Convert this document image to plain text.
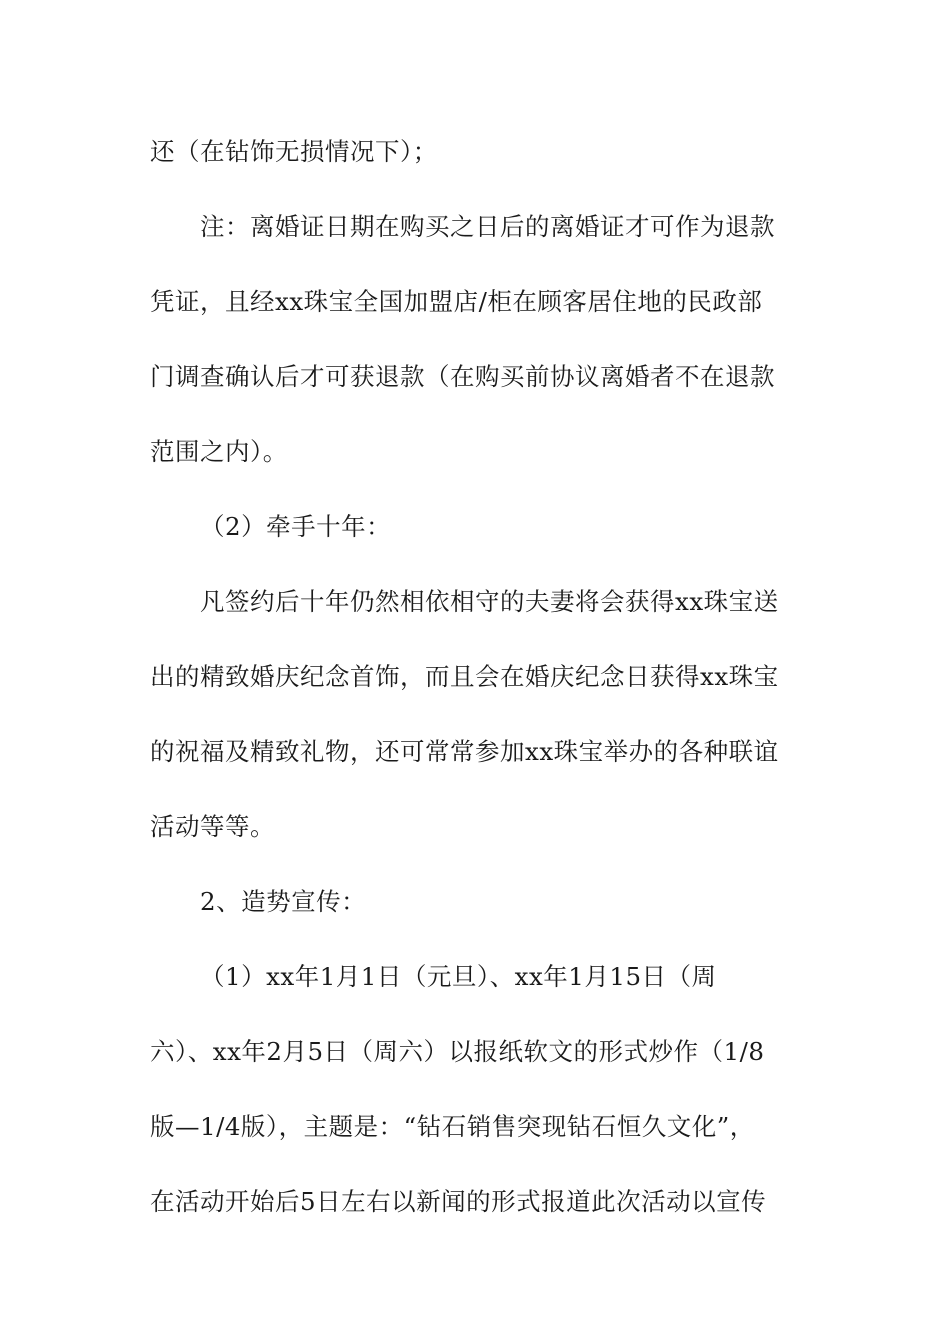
还（在钻饰无损情况下）；
注：离婚证日期在购买之日后的离婚证才可作为退款
凭证，且经xx珠宝全国加盟店/柜在顾客居住地的民政部
门调查确认后才可获退款（在购买前协议离婚者不在退款
范围之内）。
（2）牵手十年：
凡签约后十年仍然相依相守的夫妻将会获得xx珠宝送
出的精致婚庆纪念首饰，而且会在婚庆纪念日获得xx珠宝
的祝福及精致礼物，还可常常参加xx珠宝举办的各种联谊
活动等等。
2、造势宣传：
（1）xx年1月1日（元旦）、xx年1月15日（周
六）、xx年2月5日（周六）以报纸软文的形式炒作（1/8
版—1/4版），主题是：“钻石销售突现钻石恒久文化”，
在活动开始后5日左右以新闻的形式报道此次活动以宣传
